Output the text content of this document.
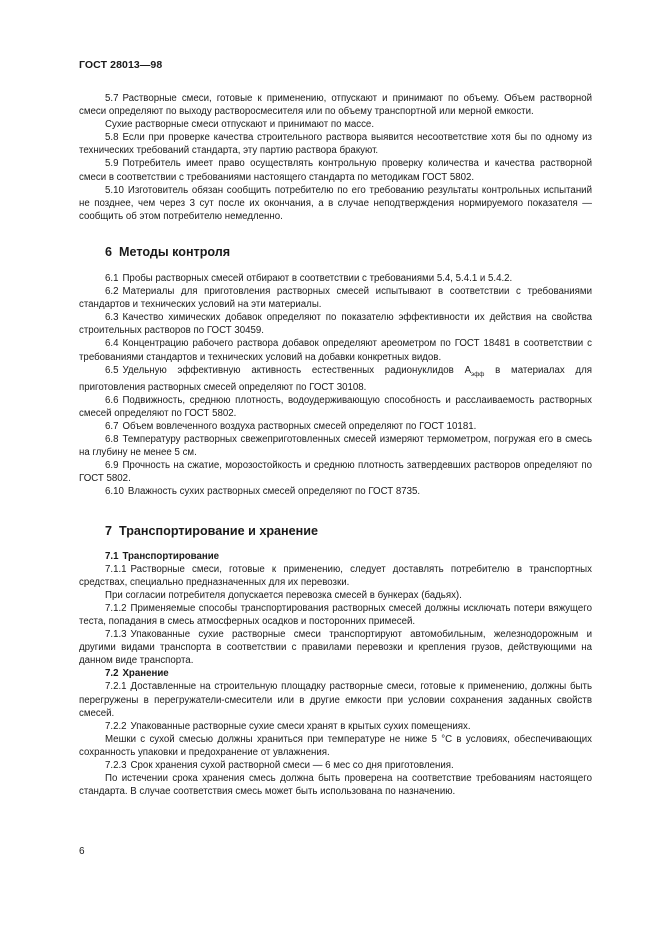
ГОСТ 28013—98

5.7 Растворные смеси, готовые к применению, отпускают и принимают по объему. Объем растворной смеси определяют по выходу растворосмесителя или по объему транспортной или мерной емкости.

Сухие растворные смеси отпускают и принимают по массе.

5.8 Если при проверке качества строительного раствора выявится несоответствие хотя бы по одному из технических требований стандарта, эту партию раствора бракуют.

5.9 Потребитель имеет право осуществлять контрольную проверку количества и качества растворной смеси в соответствии с требованиями настоящего стандарта по методикам ГОСТ 5802.

5.10 Изготовитель обязан сообщить потребителю по его требованию результаты контрольных испытаний не позднее, чем через 3 сут после их окончания, а в случае неподтверждения нормируемого показателя — сообщить об этом потребителю немедленно.

6 Методы контроля

6.1 Пробы растворных смесей отбирают в соответствии с требованиями 5.4, 5.4.1 и 5.4.2.

6.2 Материалы для приготовления растворных смесей испытывают в соответствии с требованиями стандартов и технических условий на эти материалы.

6.3 Качество химических добавок определяют по показателю эффективности их действия на свойства строительных растворов по ГОСТ 30459.

6.4 Концентрацию рабочего раствора добавок определяют ареометром по ГОСТ 18481 в соответствии с требованиями стандартов и технических условий на добавки конкретных видов.

6.5 Удельную эффективную активность естественных радионуклидов $А_{эфф}$ в материалах для приготовления растворных смесей определяют по ГОСТ 30108.

6.6 Подвижность, среднюю плотность, водоудерживающую способность и расслаиваемость растворных смесей определяют по ГОСТ 5802.

6.7 Объем вовлеченного воздуха растворных смесей определяют по ГОСТ 10181.

6.8 Температуру растворных свежеприготовленных смесей измеряют термометром, погружая его в смесь на глубину не менее 5 см.

6.9 Прочность на сжатие, морозостойкость и среднюю плотность затвердевших растворов определяют по ГОСТ 5802.

6.10 Влажность сухих растворных смесей определяют по ГОСТ 8735.

7 Транспортирование и хранение
7.1 Транспортирование

7.1.1 Растворные смеси, готовые к применению, следует доставлять потребителю в транспортных средствах, специально предназначенных для их перевозки.

При согласии потребителя допускается перевозка смесей в бункерах (бадьях).

7.1.2 Применяемые способы транспортирования растворных смесей должны исключать потери вяжущего теста, попадания в смесь атмосферных осадков и посторонних примесей.

7.1.3 Упакованные сухие растворные смеси транспортируют автомобильным, железнодорожным и другими видами транспорта в соответствии с правилами перевозки и крепления грузов, действующими на данном виде транспорта.

7.2 Хранение

7.2.1 Доставленные на строительную площадку растворные смеси, готовые к применению, должны быть перегружены в перегружатели-смесители или в другие емкости при условии сохранения заданных свойств смесей.

7.2.2 Упакованные растворные сухие смеси хранят в крытых сухих помещениях.

Мешки с сухой смесью должны храниться при температуре не ниже 5 °С в условиях, обеспечивающих сохранность упаковки и предохранение от увлажнения.

7.2.3 Срок хранения сухой растворной смеси — 6 мес со дня приготовления.

По истечении срока хранения смесь должна быть проверена на соответствие требованиям настоящего стандарта. В случае соответствия смесь может быть использована по назначению.

6
